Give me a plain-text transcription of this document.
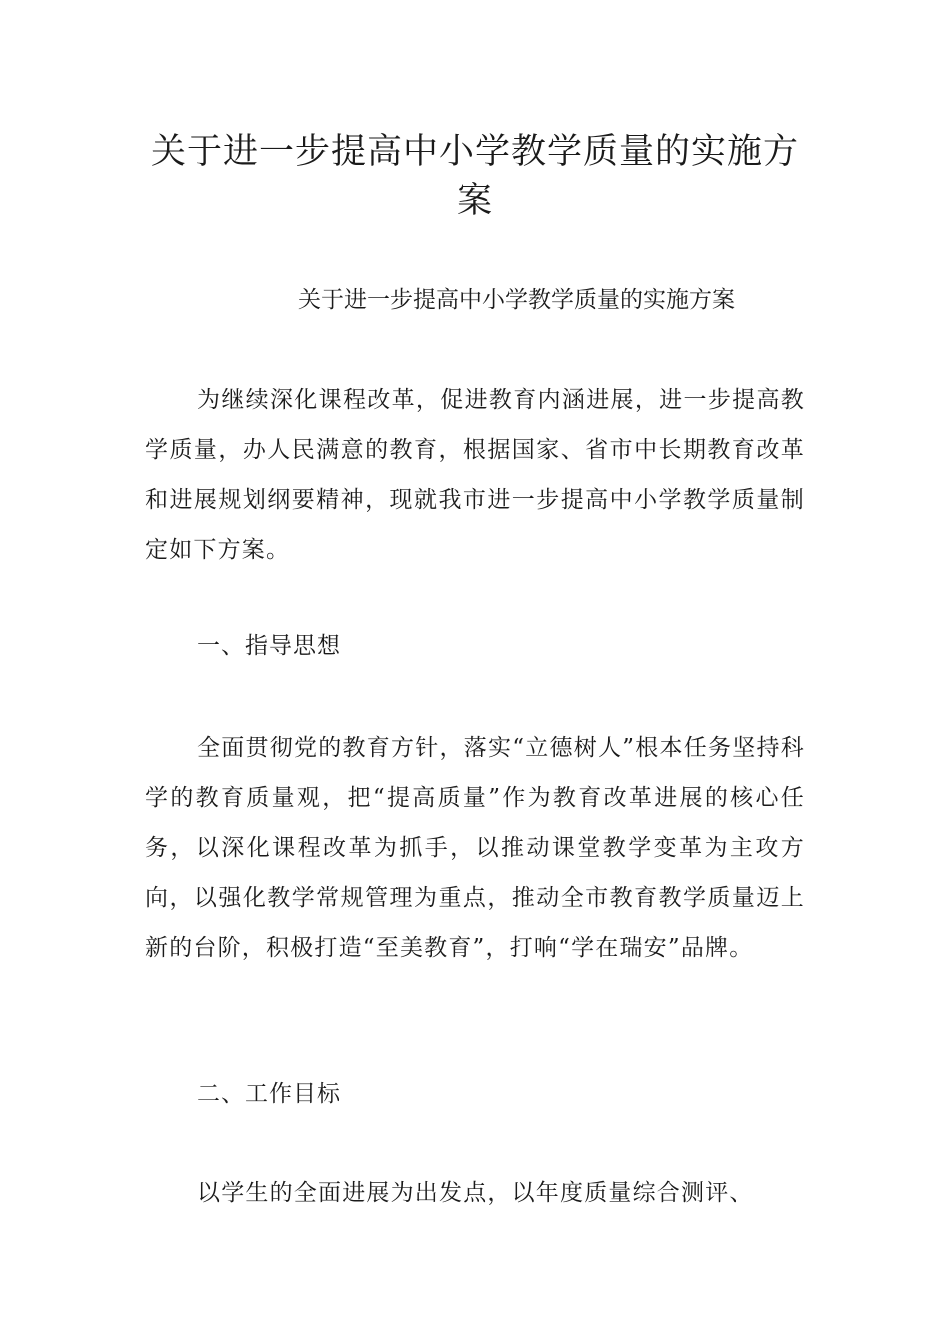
关于进一步提高中小学教学质量的实施方案

关于进一步提高中小学教学质量的实施方案

为继续深化课程改革，促进教育内涵进展，进一步提高教学质量，办人民满意的教育，根据国家、省市中长期教育改革和进展规划纲要精神，现就我市进一步提高中小学教学质量制定如下方案。

一、指导思想

全面贯彻党的教育方针，落实“立德树人”根本任务坚持科学的教育质量观，把“提高质量”作为教育改革进展的核心任务，以深化课程改革为抓手，以推动课堂教学变革为主攻方向，以强化教学常规管理为重点，推动全市教育教学质量迈上新的台阶，积极打造“至美教育”，打响“学在瑞安”品牌。

二、工作目标

以学生的全面进展为出发点，以年度质量综合测评、
